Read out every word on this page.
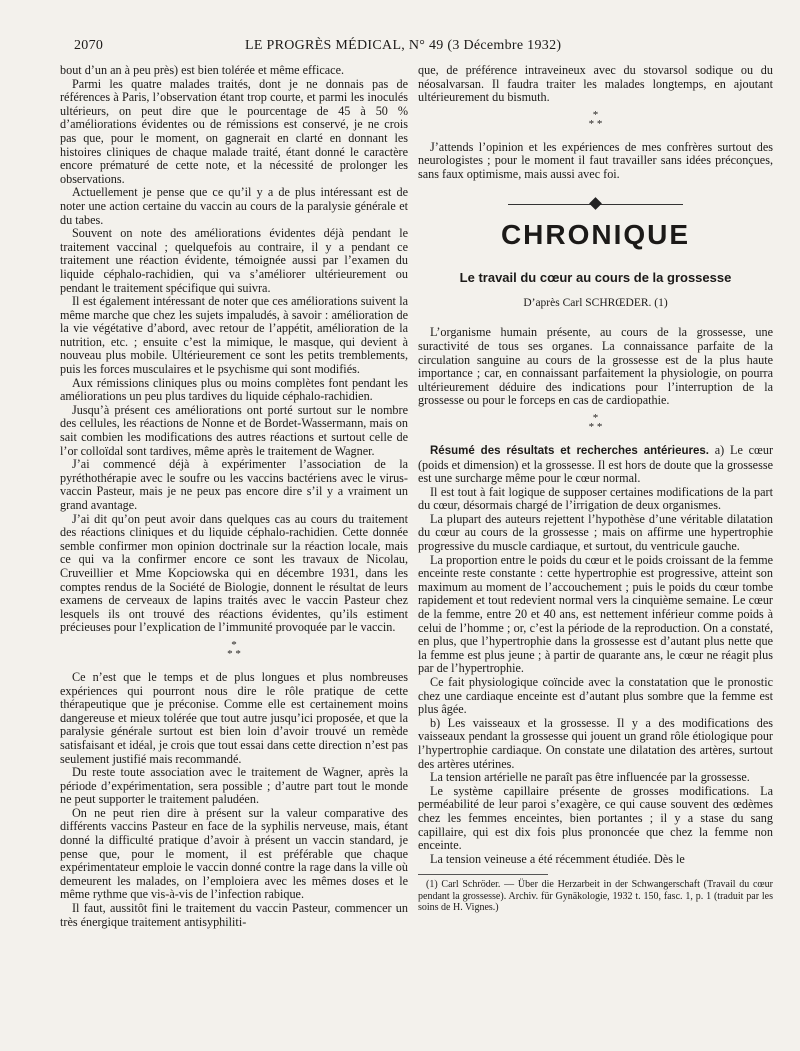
2070	LE PROGRÈS MÉDICAL, N° 49 (3 Décembre 1932)

bout d’un an à peu près) est bien tolérée et même efficace.

Parmi les quatre malades traités, dont je ne donnais pas de références à Paris, l’observation étant trop courte, et parmi les inoculés ultérieurs, on peut dire que le pourcentage de 45 à 50 % d’améliorations évidentes ou de rémissions est conservé, je ne crois pas que, pour le moment, on gagnerait en clarté en donnant les histoires cliniques de chaque malade traité, étant donné le caractère encore prématuré de cette note, et la nécessité de prolonger les observations.

Actuellement je pense que ce qu’il y a de plus intéressant est de noter une action certaine du vaccin au cours de la paralysie générale et du tabes.

Souvent on note des améliorations évidentes déjà pendant le traitement vaccinal ; quelquefois au contraire, il y a pendant ce traitement une réaction évidente, témoignée aussi par l’examen du liquide céphalo-rachidien, qui va s’améliorer ultérieurement ou pendant le traitement spécifique qui suivra.

Il est également intéressant de noter que ces améliorations suivent la même marche que chez les sujets impaludés, à savoir : amélioration de la vie végétative d’abord, avec retour de l’appétit, amélioration de la nutrition, etc. ; ensuite c’est la mimique, le masque, qui devient à nouveau plus mobile. Ultérieurement ce sont les petits tremblements, puis les forces musculaires et le psychisme qui sont modifiés.

Aux rémissions cliniques plus ou moins complètes font pendant les améliorations un peu plus tardives du liquide céphalo-rachidien.

Jusqu’à présent ces améliorations ont porté surtout sur le nombre des cellules, les réactions de Nonne et de Bordet-Wassermann, mais on sait combien les modifications des autres réactions et surtout celle de l’or colloïdal sont tardives, même après le traitement de Wagner.

J’ai commencé déjà à expérimenter l’association de la pyréthothérapie avec le soufre ou les vaccins bactériens avec le virus-vaccin Pasteur, mais je ne peux pas encore dire s’il y a vraiment un grand avantage.

J’ai dit qu’on peut avoir dans quelques cas au cours du traitement des réactions cliniques et du liquide céphalo-rachidien. Cette donnée semble confirmer mon opinion doctrinale sur la réaction locale, mais ce qui va la confirmer encore ce sont les travaux de Nicolau, Cruveillier et Mme Kopciowska qui en décembre 1931, dans les comptes rendus de la Société de Biologie, donnent le résultat de leurs examens de cerveaux de lapins traités avec le vaccin Pasteur chez lesquels ils ont trouvé des réactions évidentes, qu’ils estiment précieuses pour l’explication de l’immunité provoquée par le vaccin.

*
* *

Ce n’est que le temps et de plus longues et plus nombreuses expériences qui pourront nous dire le rôle pratique de cette thérapeutique que je préconise. Comme elle est certainement moins dangereuse et mieux tolérée que tout autre jusqu’ici proposée, et que la paralysie générale surtout est bien loin d’avoir trouvé un remède satisfaisant et idéal, je crois que tout essai dans cette direction n’est pas seulement justifié mais recommandé.

Du reste toute association avec le traitement de Wagner, après la période d’expérimentation, sera possible ; d’autre part tout le monde ne peut supporter le traitement paludéen.

On ne peut rien dire à présent sur la valeur comparative des différents vaccins Pasteur en face de la syphilis nerveuse, mais, étant donné la difficulté pratique d’avoir à présent un vaccin standard, je pense que, pour le moment, il est préférable que chaque expérimentateur emploie le vaccin donné contre la rage dans la ville où demeurent les malades, on l’emploiera avec les mêmes doses et le même rythme que vis-à-vis de l’infection rabique.

Il faut, aussitôt fini le traitement du vaccin Pasteur, commencer un très énergique traitement antisyphiliti-

que, de préférence intraveineux avec du stovarsol sodique ou du néosalvarsan. Il faudra traiter les malades longtemps, en ajoutant ultérieurement du bismuth.

*
* *

J’attends l’opinion et les expériences de mes confrères surtout des neurologistes ; pour le moment il faut travailler sans idées préconçues, sans faux optimisme, mais aussi avec foi.

CHRONIQUE
Le travail du cœur au cours de la grossesse
D’après Carl SCHRŒDER. (1)

L’organisme humain présente, au cours de la grossesse, une suractivité de tous ses organes. La connaissance parfaite de la circulation sanguine au cours de la grossesse est de la plus haute importance ; car, en connaissant parfaitement la physiologie, on pourra ultérieurement déduire des indications pour l’interruption de la grossesse ou pour le forceps en cas de cardiopathie.

*
* *

Résumé des résultats et recherches antérieures. a) Le cœur (poids et dimension) et la grossesse. Il est hors de doute que la grossesse est une surcharge même pour le cœur normal.

Il est tout à fait logique de supposer certaines modifications de la part du cœur, désormais chargé de l’irrigation de deux organismes.

La plupart des auteurs rejettent l’hypothèse d’une véritable dilatation du cœur au cours de la grossesse ; mais on affirme une hypertrophie progressive du muscle cardiaque, et surtout, du ventricule gauche.

La proportion entre le poids du cœur et le poids croissant de la femme enceinte reste constante : cette hypertrophie est progressive, atteint son maximum au moment de l’accouchement ; puis le poids du cœur tombe rapidement et tout redevient normal vers la cinquième semaine. Le cœur de la femme, entre 20 et 40 ans, est nettement inférieur comme poids à celui de l’homme ; or, c’est la période de la reproduction. On a constaté, en plus, que l’hypertrophie dans la grossesse est d’autant plus nette que la femme est plus jeune ; à partir de quarante ans, le cœur ne réagit plus par de l’hypertrophie.

Ce fait physiologique coïncide avec la constatation que le pronostic chez une cardiaque enceinte est d’autant plus sombre que la femme est plus âgée.

b) Les vaisseaux et la grossesse. Il y a des modifications des vaisseaux pendant la grossesse qui jouent un grand rôle étiologique pour l’hypertrophie cardiaque. On constate une dilatation des artères, surtout des artères utérines.

La tension artérielle ne paraît pas être influencée par la grossesse.

Le système capillaire présente de grosses modifications. La perméabilité de leur paroi s’exagère, ce qui cause souvent des œdèmes chez les femmes enceintes, bien portantes ; il y a stase du sang capillaire, qui est dix fois plus prononcée que chez la femme non enceinte.

La tension veineuse a été récemment étudiée. Dès le

(1) Carl Schröder. — Über die Herzarbeit in der Schwangerschaft (Travail du cœur pendant la grossesse). Archiv. für Gynäkologie, 1932 t. 150, fasc. 1, p. 1 (traduit par les soins de H. Vignes.)
